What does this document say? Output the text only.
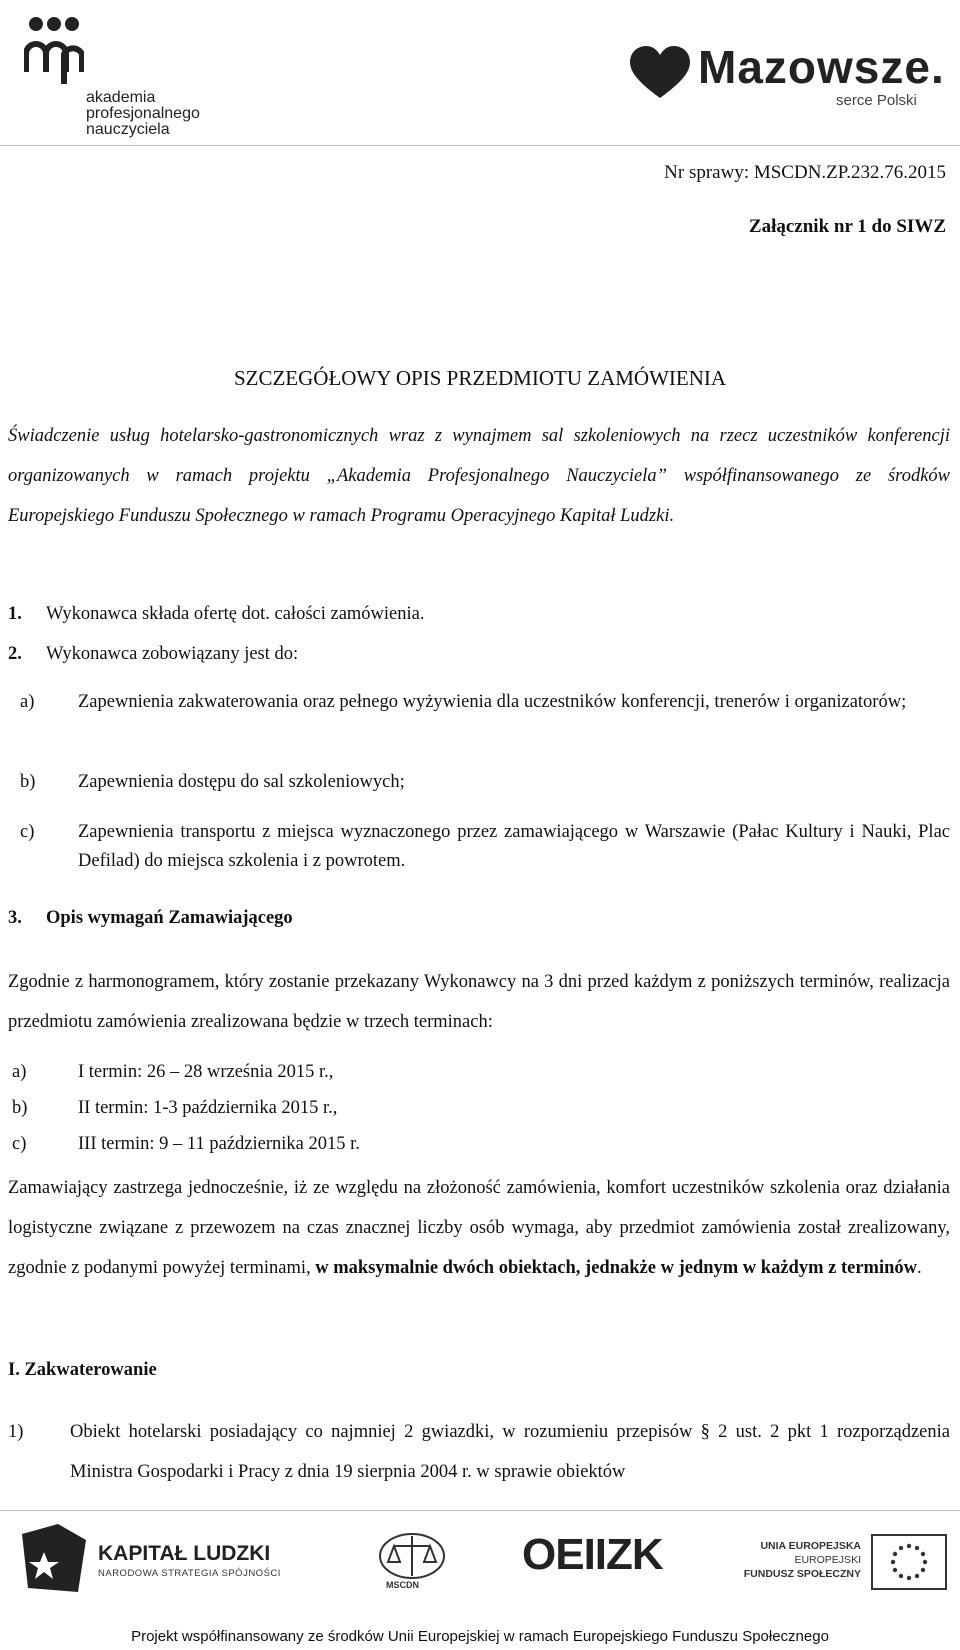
akademia
profesjonalnego
nauczyciela
Mazowsze.
serce Polski
Nr sprawy: MSCDN.ZP.232.76.2015
Załącznik nr 1 do SIWZ
SZCZEGÓŁOWY OPIS PRZEDMIOTU ZAMÓWIENIA
Świadczenie usług hotelarsko-gastronomicznych wraz z wynajmem sal szkoleniowych na rzecz uczestników konferencji organizowanych w ramach projektu „Akademia Profesjonalnego Nauczyciela” współfinansowanego ze środków Europejskiego Funduszu Społecznego w ramach Programu Operacyjnego Kapitał Ludzki.
1. Wykonawca składa ofertę dot. całości zamówienia.
2. Wykonawca zobowiązany jest do:
a) Zapewnienia zakwaterowania oraz pełnego wyżywienia dla uczestników konferencji, trenerów i organizatorów;
b) Zapewnienia dostępu do sal szkoleniowych;
c) Zapewnienia transportu z miejsca wyznaczonego przez zamawiającego w Warszawie (Pałac Kultury i Nauki, Plac Defilad) do miejsca szkolenia i z powrotem.
3. Opis wymagań Zamawiającego
Zgodnie z harmonogramem, który zostanie przekazany Wykonawcy na 3 dni przed każdym z poniższych terminów, realizacja przedmiotu zamówienia zrealizowana będzie w trzech terminach:
a)	I termin: 26 – 28 września 2015 r.,
b)	II termin: 1-3 października 2015 r.,
c)	III termin: 9 – 11 października 2015 r.
Zamawiający zastrzega jednocześnie, iż ze względu na złożoność zamówienia, komfort uczestników szkolenia oraz działania logistyczne związane z przewozem na czas znacznej liczby osób wymaga, aby przedmiot zamówienia został zrealizowany, zgodnie z podanymi powyżej terminami, w maksymalnie dwóch obiektach, jednakże w jednym w każdym z terminów.
I. Zakwaterowanie
1)	Obiekt hotelarski posiadający co najmniej 2 gwiazdki, w rozumieniu przepisów § 2 ust. 2 pkt 1 rozporządzenia Ministra Gospodarki i Pracy z dnia 19 sierpnia 2004 r. w sprawie obiektów
KAPITAŁ LUDZKI
NARODOWA STRATEGIA SPÓJNOŚCI
MSCDN
OEIIZK	UNIA EUROPEJSKA
EUROPEJSKI
FUNDUSZ SPOŁECZNY
Projekt współfinansowany ze środków Unii Europejskiej w ramach Europejskiego Funduszu Społecznego
